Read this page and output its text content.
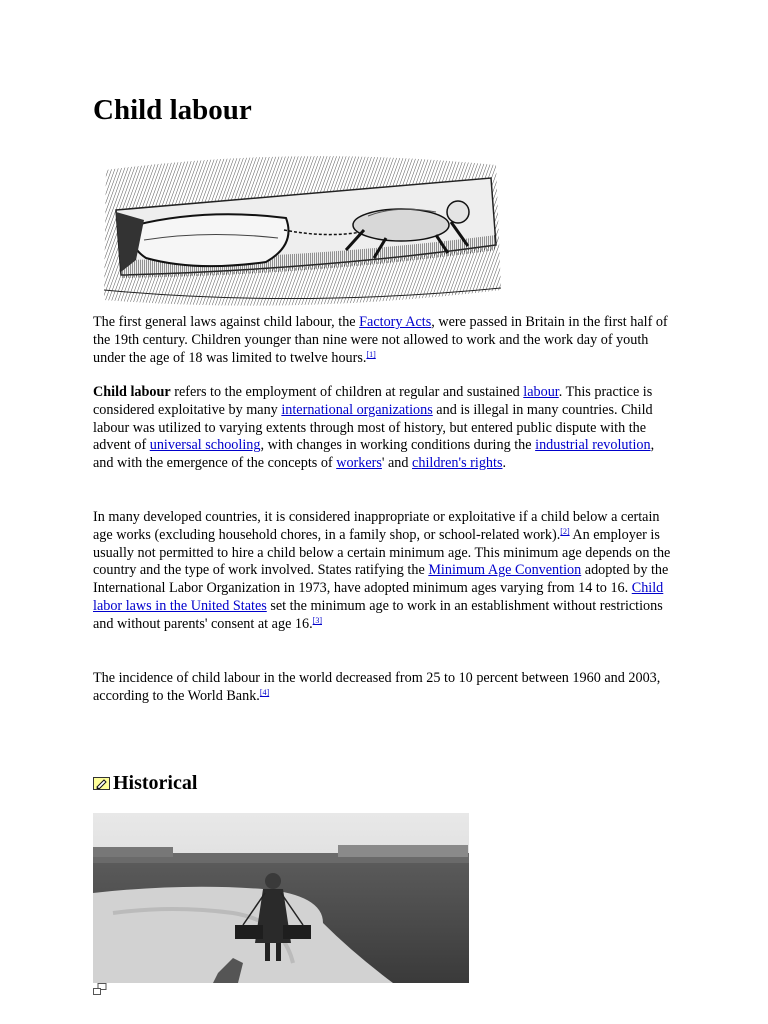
Child labour

The first general laws against child labour, the Factory Acts, were passed in Britain in the first half of the 19th century. Children younger than nine were not allowed to work and the work day of youth under the age of 18 was limited to twelve hours.[1]

Child labour refers to the employment of children at regular and sustained labour. This practice is considered exploitative by many international organizations and is illegal in many countries. Child labour was utilized to varying extents through most of history, but entered public dispute with the advent of universal schooling, with changes in working conditions during the industrial revolution, and with the emergence of the concepts of workers' and children's rights.

In many developed countries, it is considered inappropriate or exploitative if a child below a certain age works (excluding household chores, in a family shop, or school-related work).[2] An employer is usually not permitted to hire a child below a certain minimum age. This minimum age depends on the country and the type of work involved. States ratifying the Minimum Age Convention adopted by the International Labor Organization in 1973, have adopted minimum ages varying from 14 to 16. Child labor laws in the United States set the minimum age to work in an establishment without restrictions and without parents' consent at age 16.[3]

The incidence of child labour in the world decreased from 25 to 10 percent between 1960 and 2003, according to the World Bank.[4]

Historical
